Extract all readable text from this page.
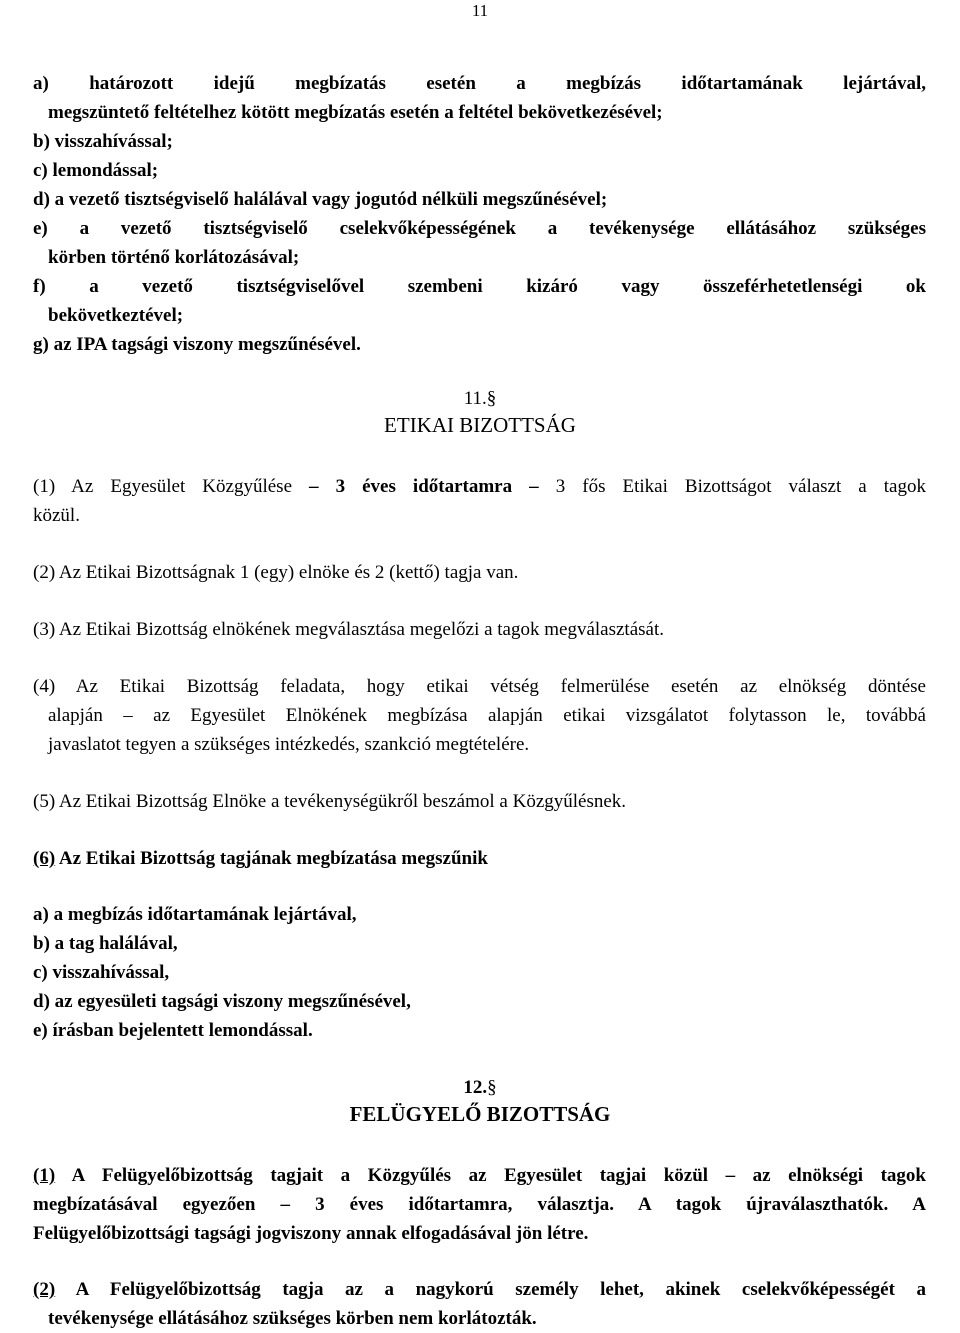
11
a) határozott idejű megbízatás esetén a megbízás időtartamának lejártával,
megszüntető feltételhez kötött megbízatás esetén a feltétel bekövetkezésével;
b) visszahívással;
c) lemondással;
d) a vezető tisztségviselő halálával vagy jogutód nélküli megszűnésével;
e) a vezető tisztségviselő cselekvőképességének a tevékenysége ellátásához szükséges
körben történő korlátozásával;
f) a vezető tisztségviselővel szembeni kizáró vagy összeférhetetlenségi ok
bekövetkeztével;
g) az IPA tagsági viszony megszűnésével.
11.§
ETIKAI BIZOTTSÁG
(1) Az Egyesület Közgyűlése – 3 éves időtartamra – 3 fős Etikai Bizottságot választ a tagok
közül.
(2) Az Etikai Bizottságnak 1 (egy) elnöke és 2 (kettő) tagja van.
(3) Az Etikai Bizottság elnökének megválasztása megelőzi a tagok megválasztását.
(4) Az Etikai Bizottság feladata, hogy etikai vétség felmerülése esetén az elnökség döntése
alapján – az Egyesület Elnökének megbízása alapján etikai vizsgálatot folytasson le, továbbá
javaslatot tegyen a szükséges intézkedés, szankció megtételére.
(5) Az Etikai Bizottság Elnöke a tevékenységükről beszámol a Közgyűlésnek.
(6) Az Etikai Bizottság tagjának megbízatása megszűnik
a) a megbízás időtartamának lejártával,
b) a tag halálával,
c) visszahívással,
d) az egyesületi tagsági viszony megszűnésével,
e) írásban bejelentett lemondással.
12.§
FELÜGYELŐ BIZOTTSÁG
(1) A Felügyelőbizottság tagjait a Közgyűlés az Egyesület tagjai közül – az elnökségi tagok
megbízatásával egyezően – 3 éves időtartamra, választja. A tagok újraválaszthatók. A
Felügyelőbizottsági tagsági jogviszony annak elfogadásával jön létre.
(2) A Felügyelőbizottság tagja az a nagykorú személy lehet, akinek cselekvőképességét a
tevékenysége ellátásához szükséges körben nem korlátozták.
